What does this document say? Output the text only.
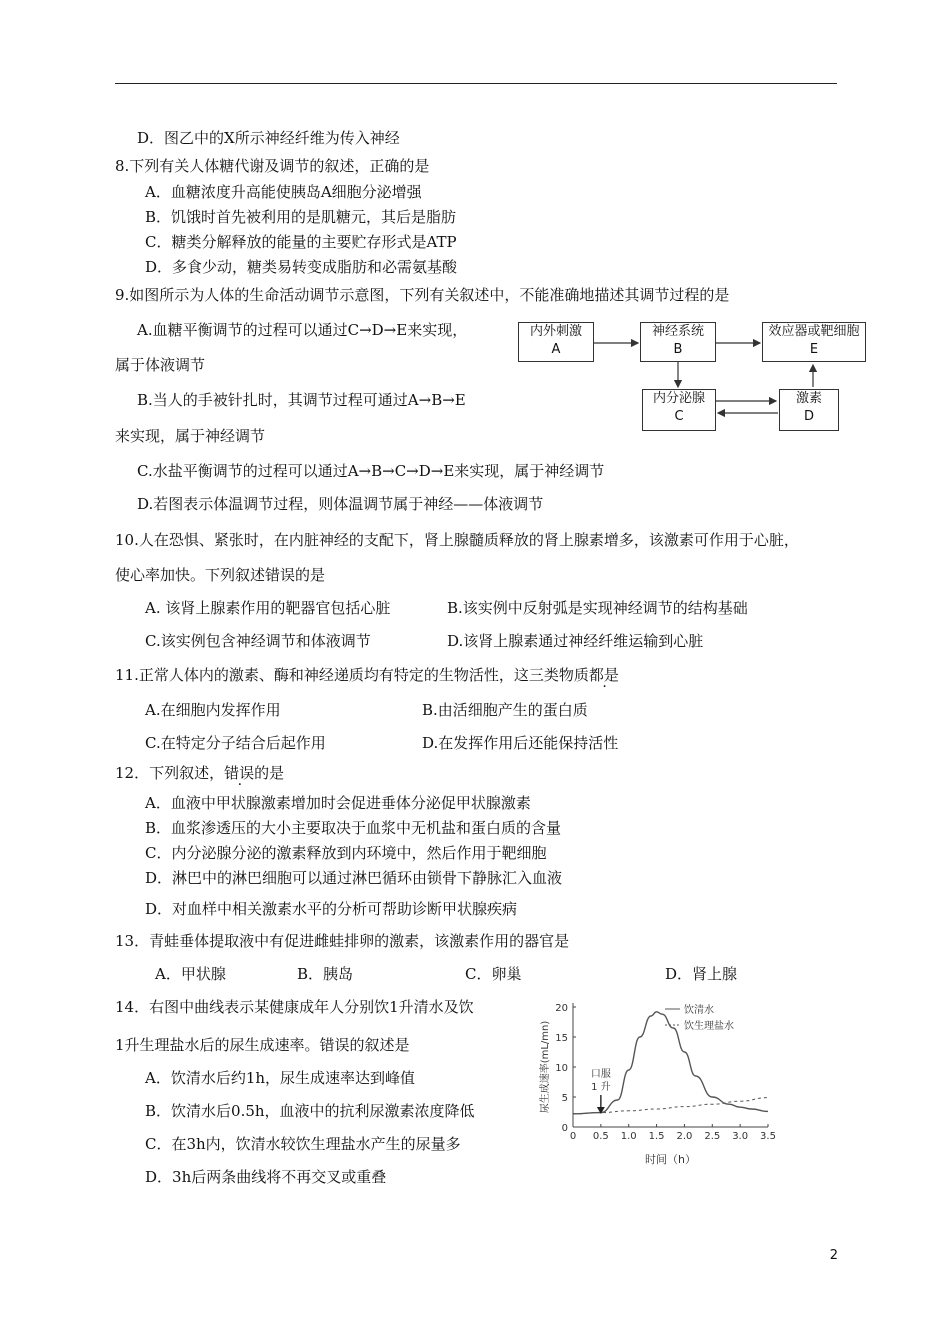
D．图乙中的X所示神经纤维为传入神经
8.下列有关人体糖代谢及调节的叙述，正确的是
A．血糖浓度升高能使胰岛A细胞分泌增强
B．饥饿时首先被利用的是肌糖元，其后是脂肪
C．糖类分解释放的能量的主要贮存形式是ATP
D．多食少动，糖类易转变成脂肪和必需氨基酸
9.如图所示为人体的生命活动调节示意图，下列有关叙述中，不能准确地描述其调节过程的是
A.血糖平衡调节的过程可以通过C→D→E来实现，
属于体液调节
B.当人的手被针扎时，其调节过程可通过A→B→E
来实现，属于神经调节
C.水盐平衡调节的过程可以通过A→B→C→D→E来实现，属于神经调节
D.若图表示体温调节过程，则体温调节属于神经——体液调节
内外刺激
A
神经系统
B
效应器或靶细胞
E
内分泌腺
C
激素
D
10.人在恐惧、紧张时，在内脏神经的支配下，肾上腺髓质释放的肾上腺素增多，该激素可作用于心脏，
使心率加快。下列叙述错误的是
A. 该肾上腺素作用的靶器官包括心脏	B.该实例中反射弧是实现神经调节的结构基础
C.该实例包含神经调节和体液调节	D.该肾上腺素通过神经纤维运输到心脏
11.正常人体内的激素、酶和神经递质均有特定的生物活性，这三类物质都是
A.在细胞内发挥作用	B.由活细胞产生的蛋白质
C.在特定分子结合后起作用	D.在发挥作用后还能保持活性
12．下列叙述，错误的是
A．血液中甲状腺激素增加时会促进垂体分泌促甲状腺激素
B．血浆渗透压的大小主要取决于血浆中无机盐和蛋白质的含量
C．内分泌腺分泌的激素释放到内环境中，然后作用于靶细胞
D．淋巴中的淋巴细胞可以通过淋巴循环由锁骨下静脉汇入血液
D．对血样中相关激素水平的分析可帮助诊断甲状腺疾病
13．青蛙垂体提取液中有促进雌蛙排卵的激素，该激素作用的器官是
A．甲状腺	B．胰岛	C．卵巢	D．肾上腺
14．右图中曲线表示某健康成年人分别饮1升清水及饮
1升生理盐水后的尿生成速率。错误的叙述是
A．饮清水后约1h，尿生成速率达到峰值
B．饮清水后0.5h，血液中的抗利尿激素浓度降低
C．在3h内，饮清水较饮生理盐水产生的尿量多
D．3h后两条曲线将不再交叉或重叠
0 0.5 1.0 1.5 2.0 2.5 3.0 3.5
0
5
10
15
20
时间（h）
尿生成速率(mL/mn)
饮清水
饮生理盐水
口服
1 升
2
